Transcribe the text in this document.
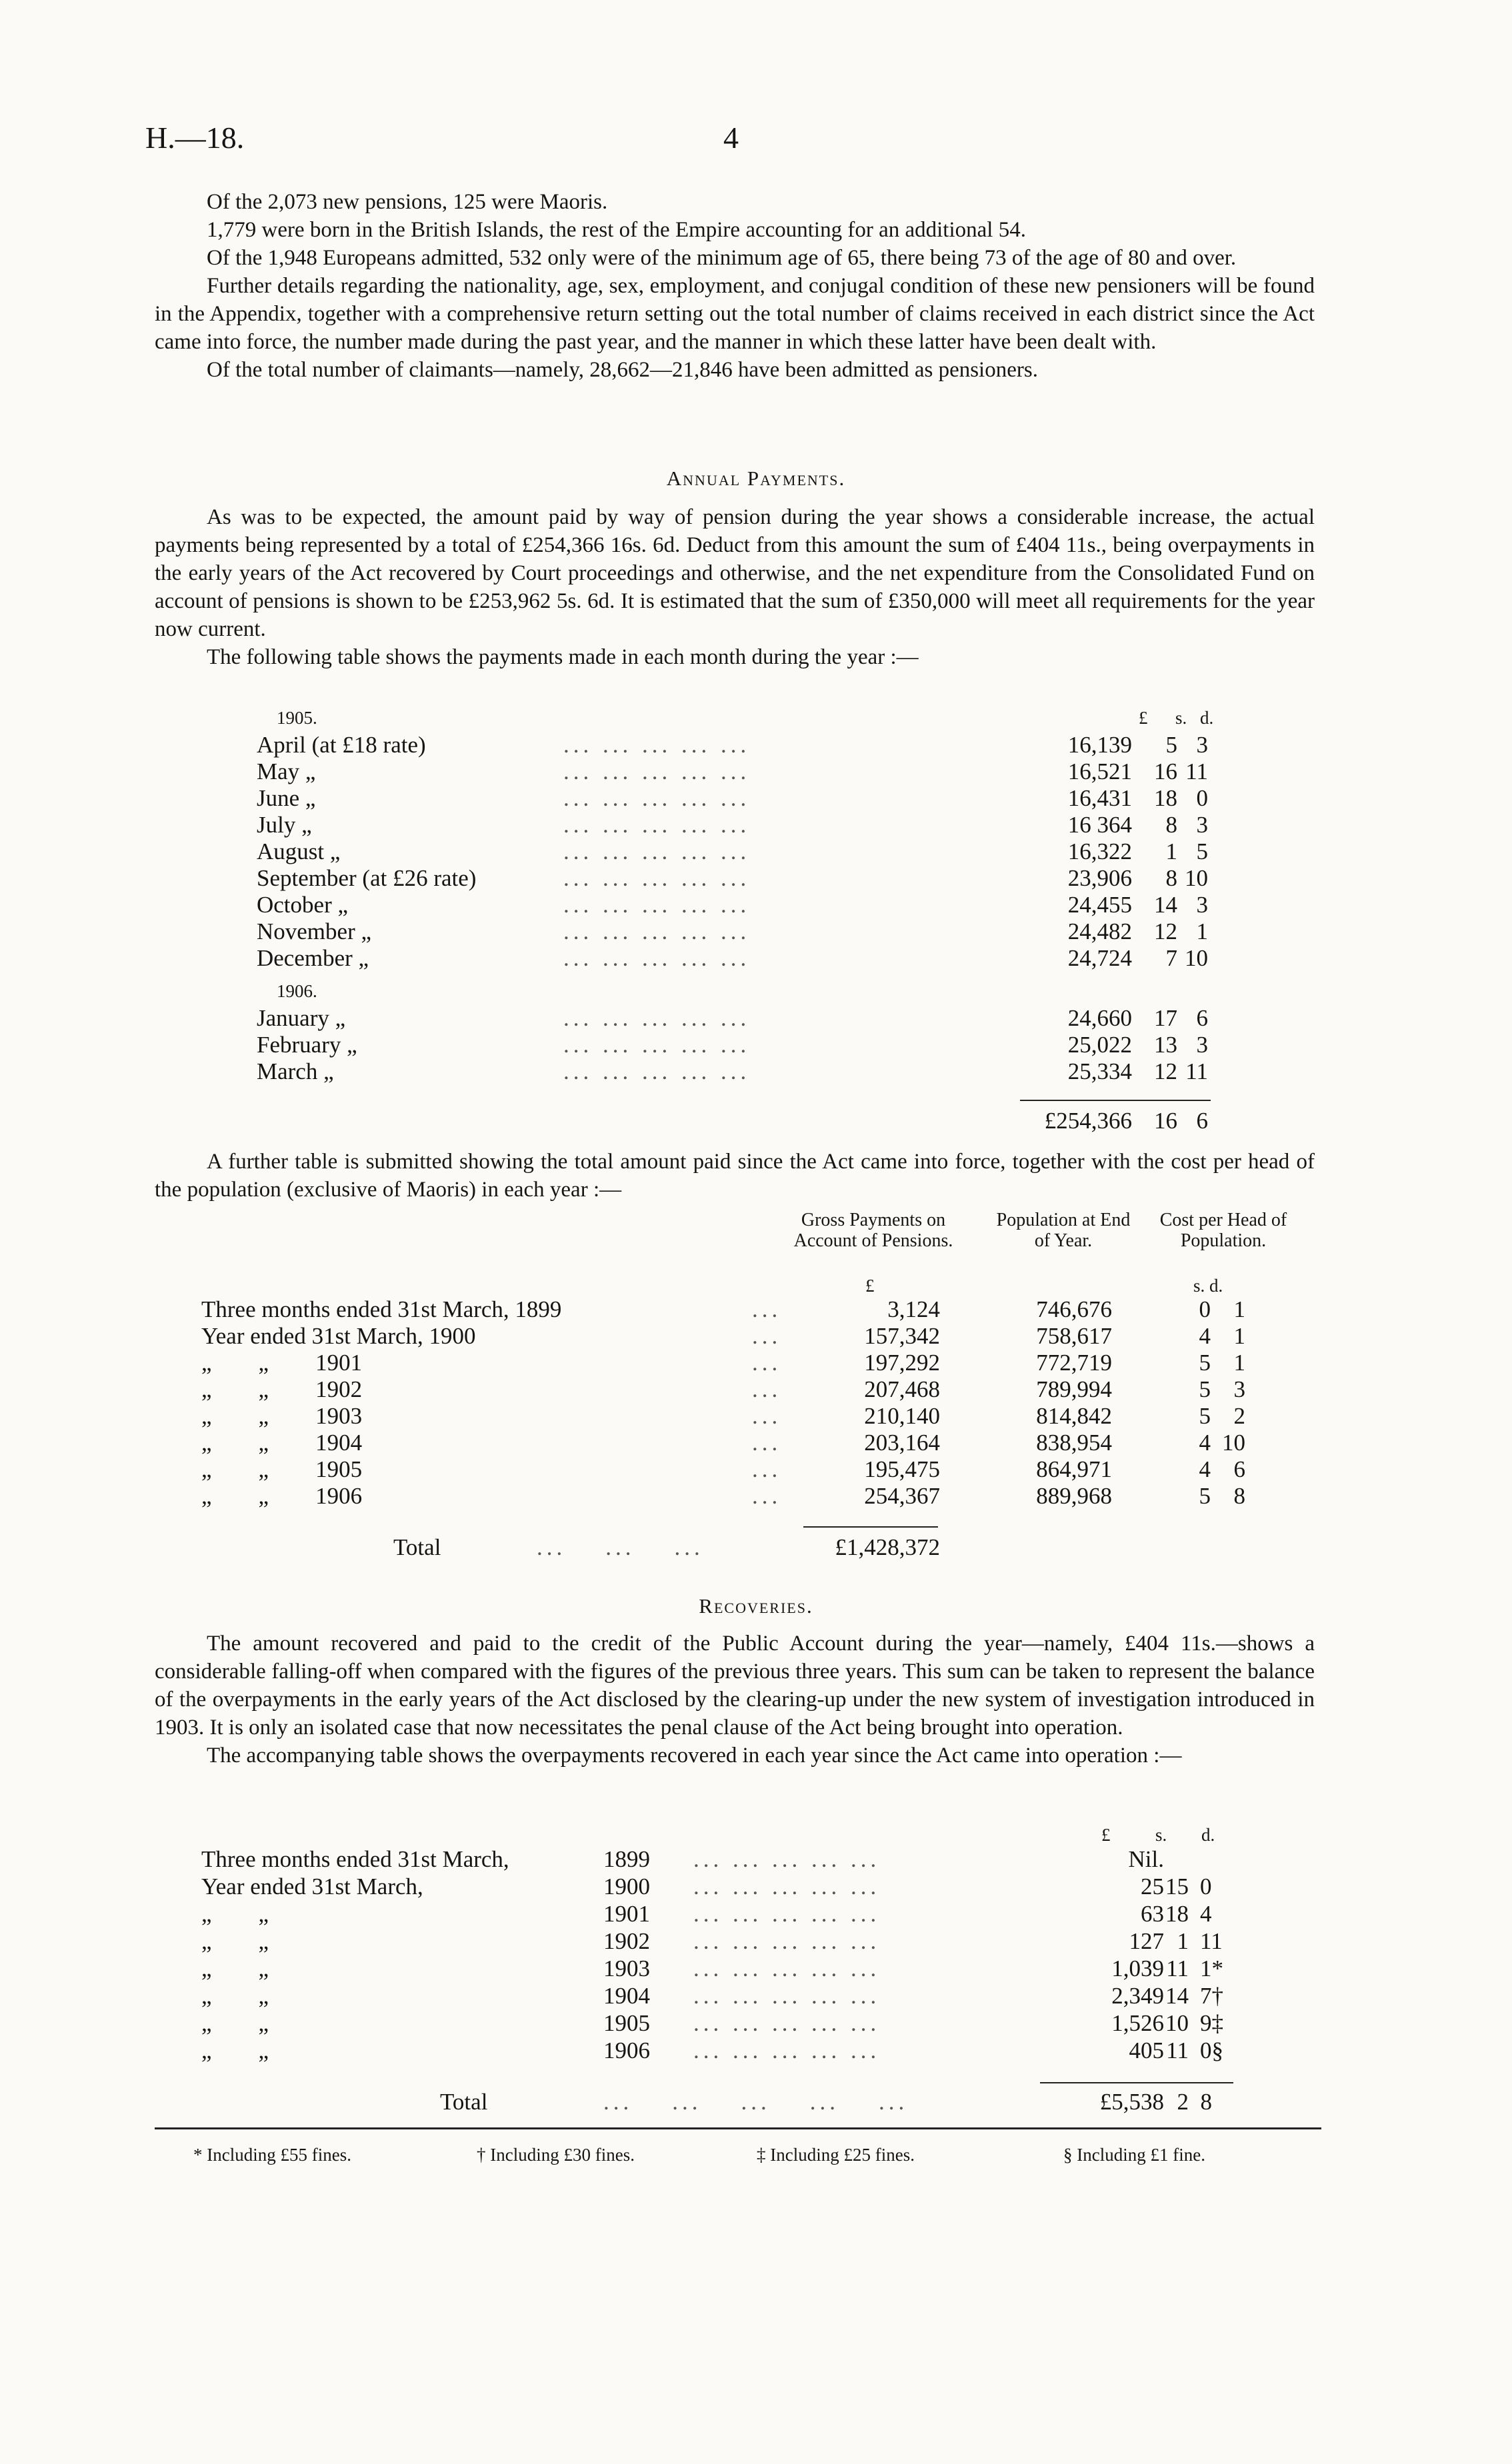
H.—18.	4

Of the 2,073 new pensions, 125 were Maoris.

1,779 were born in the British Islands, the rest of the Empire accounting for an additional 54.

Of the 1,948 Europeans admitted, 532 only were of the minimum age of 65, there being 73 of the age of 80 and over.

Further details regarding the nationality, age, sex, employment, and conjugal condition of these new pensioners will be found in the Appendix, together with a comprehensive return setting out the total number of claims received in each district since the Act came into force, the number made during the past year, and the manner in which these latter have been dealt with.

Of the total number of claimants—namely, 28,662—21,846 have been admitted as pensioners.

Annual Payments.

As was to be expected, the amount paid by way of pension during the year shows a considerable increase, the actual payments being represented by a total of £254,366 16s. 6d. Deduct from this amount the sum of £404 11s., being overpayments in the early years of the Act recovered by Court proceedings and otherwise, and the net expenditure from the Consolidated Fund on account of pensions is shown to be £253,962 5s. 6d. It is estimated that the sum of £350,000 will meet all requirements for the year now current.

The following table shows the payments made in each month during the year :—

1905.	£ s. d.
1906.
April (at £18 rate)	... ... ... ... ...	16,139 5 3
May „	... ... ... ... ...	16,521 16 11
June „	... ... ... ... ...	16,431 18 0
July „	... ... ... ... ...	16 364 8 3
August „	... ... ... ... ...	16,322 1 5
September (at £26 rate)	... ... ... ... ...	23,906 8 10
October „	... ... ... ... ...	24,455 14 3
November „	... ... ... ... ...	24,482 12 1
December „	... ... ... ... ...	24,724 7 10
January „	... ... ... ... ...	24,660 17 6
February „	... ... ... ... ...	25,022 13 3
March „	... ... ... ... ...	25,334 12 11
£254,366 16 6

A further table is submitted showing the total amount paid since the Act came into force, together with the cost per head of the population (exclusive of Maoris) in each year :—

Gross Payments on Account of Pensions.
Population at End of Year.
Cost per Head of Population.
£	s. d.
Three months ended 31st March, 1899	...	3,124	746,676	0 1
Year ended 31st March, 1900	...	157,342	758,617	4 1
„        „        1901	...	197,292	772,719	5 1
„        „        1902	...	207,468	789,994	5 3
„        „        1903	...	210,140	814,842	5 2
„        „        1904	...	203,164	838,954	4 10
„        „        1905	...	195,475	864,971	4 6
„        „        1906	...	254,367	889,968	5 8
Total	...    ...    ...	£1,428,372
Recoveries.

The amount recovered and paid to the credit of the Public Account during the year—namely, £404 11s.—shows a considerable falling-off when compared with the figures of the previous three years. This sum can be taken to represent the balance of the overpayments in the early years of the Act disclosed by the clearing-up under the new system of investigation introduced in 1903. It is only an isolated case that now necessitates the penal clause of the Act being brought into operation.

The accompanying table shows the overpayments recovered in each year since the Act came into operation :—

£	s. d.
Three months ended 31st March,	1899 ... ... ... ... ...	Nil.
Year ended 31st March,	1900 ... ... ... ... ...	25 15 0
„        „	1901 ... ... ... ... ...	63 18 4
„        „	1902 ... ... ... ... ...	127 1 11
„        „	1903 ... ... ... ... ...	1,039 11 1*
„        „	1904 ... ... ... ... ...	2,349 14 7†
„        „	1905 ... ... ... ... ...	1,526 10 9‡
„        „	1906 ... ... ... ... ...	405 11 0§
Total	...    ...    ...    ...    ...	£5,538 2 8
* Including £55 fines.	† Including £30 fines.	‡ Including £25 fines.	§ Including £1 fine.
